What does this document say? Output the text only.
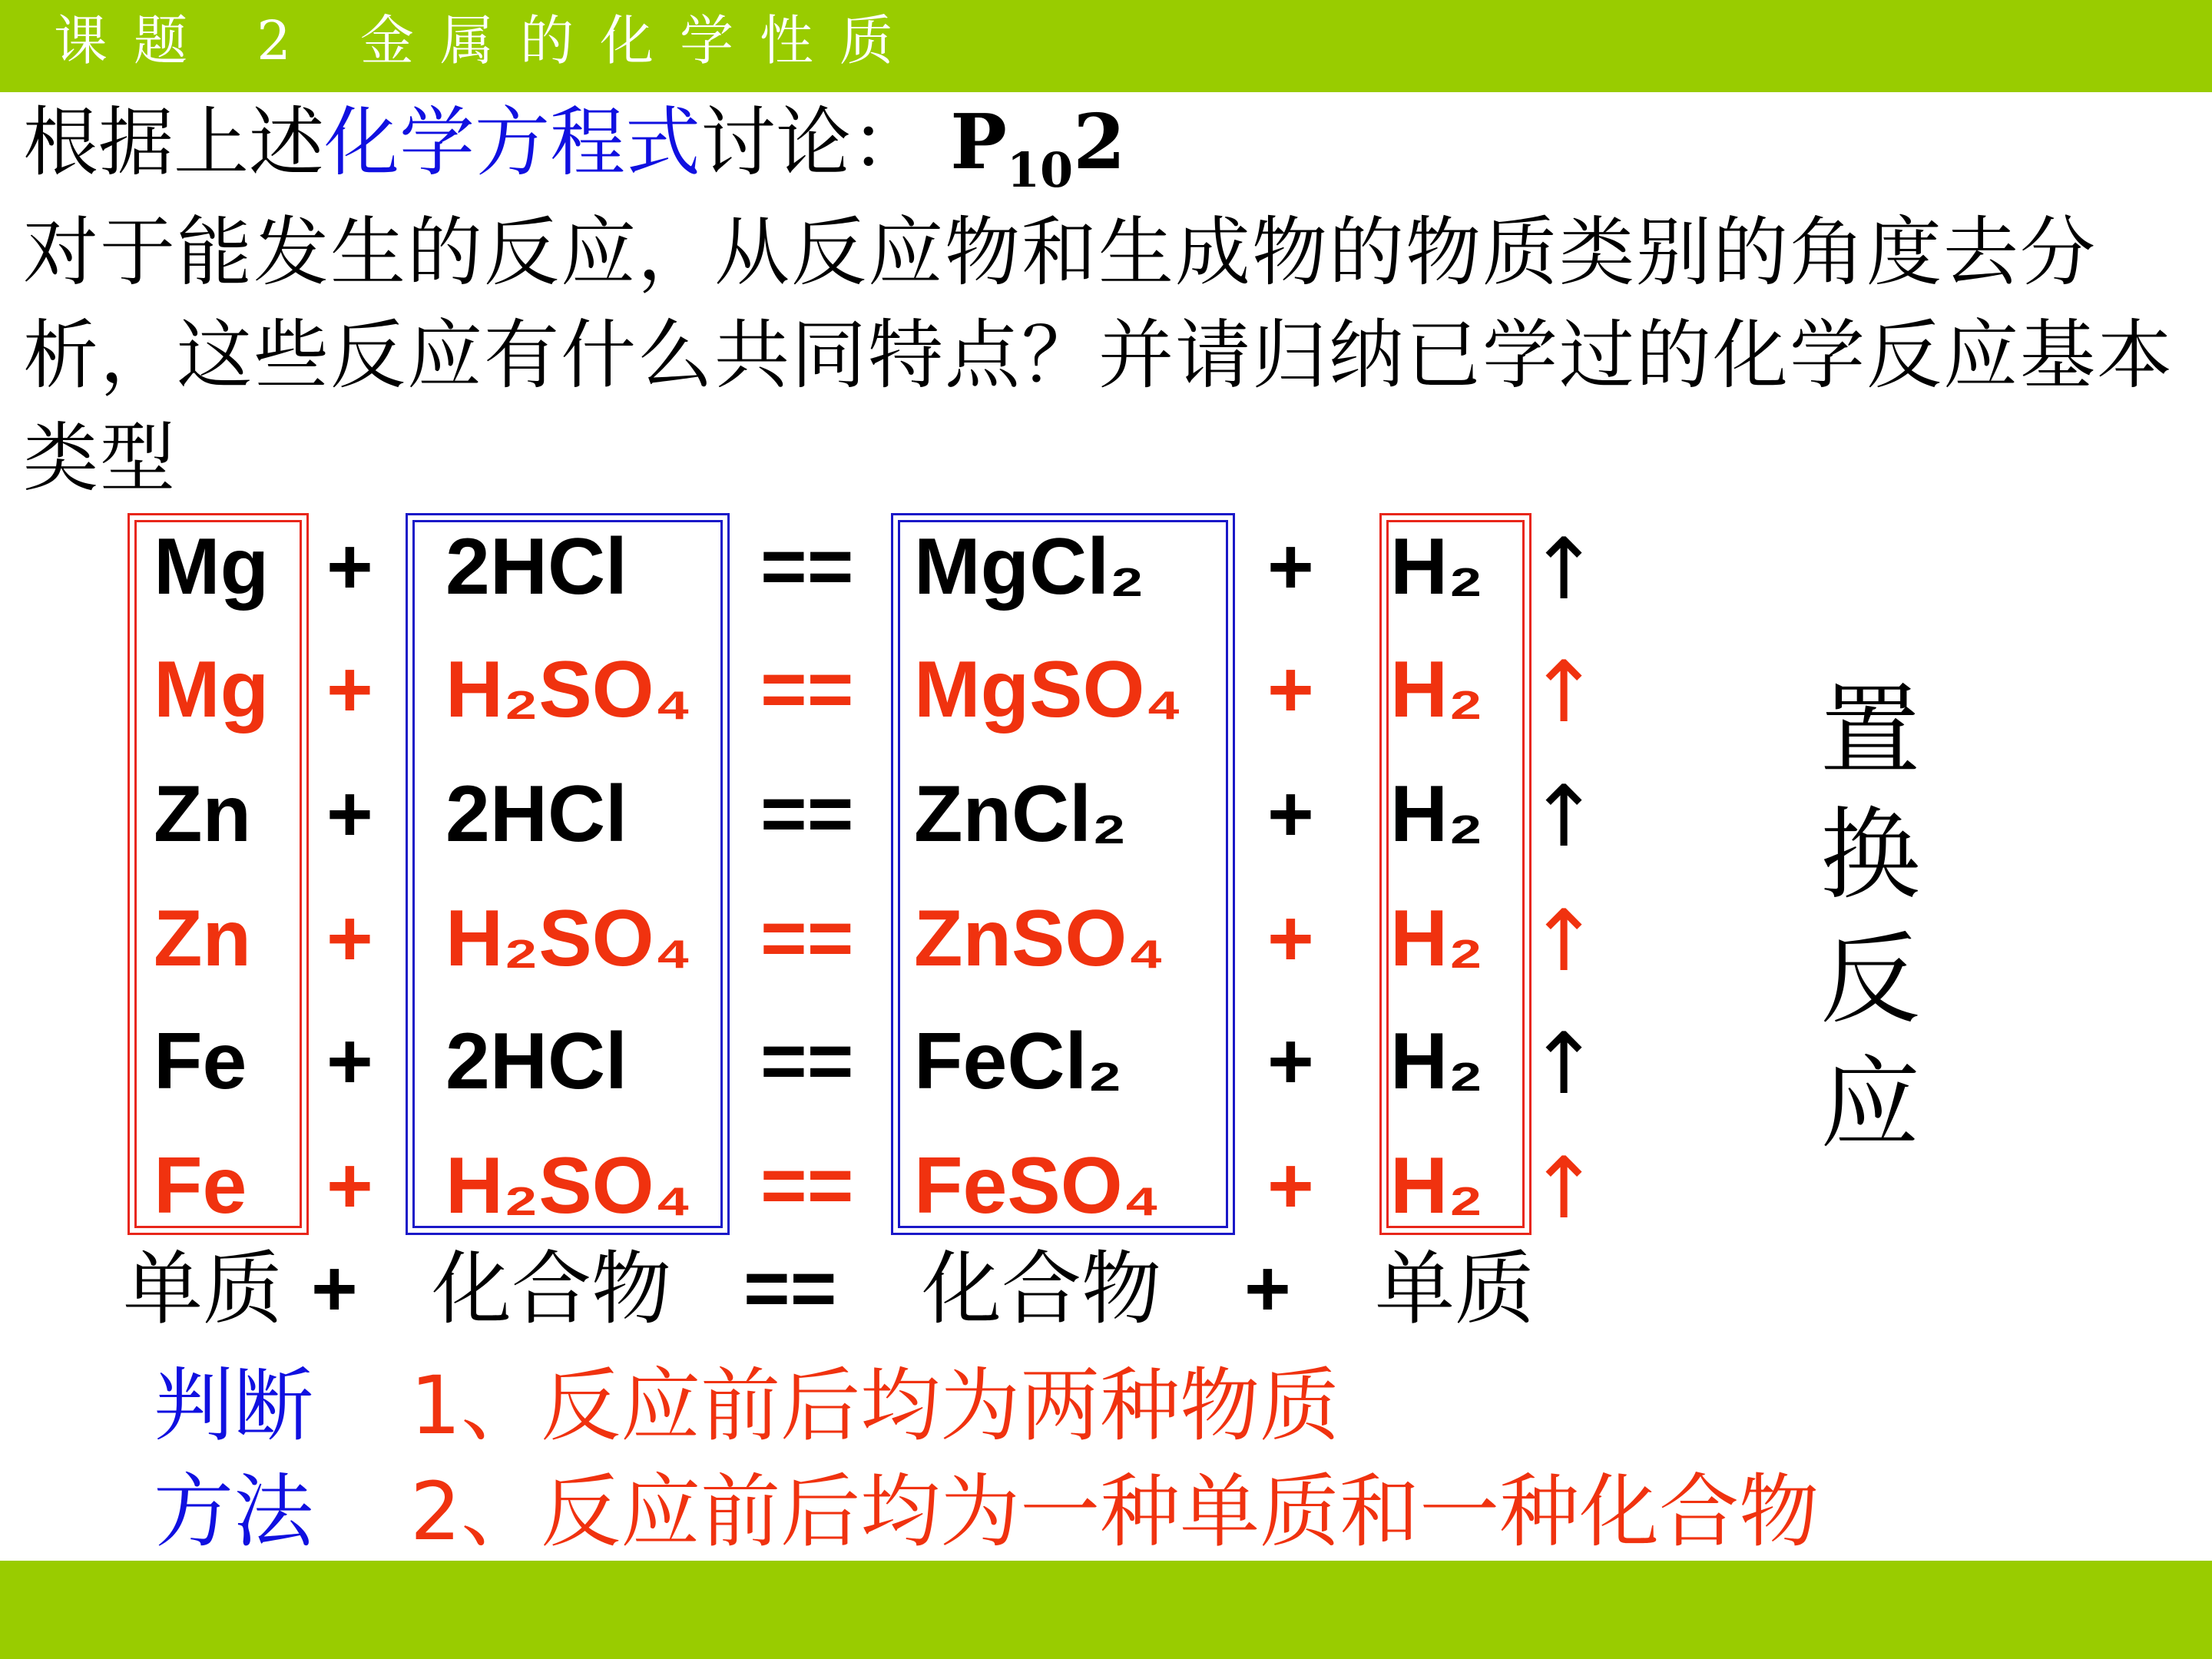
课题 2 金属的化学性质
根据上述化学方程式讨论： $P_{10}2$
对于能发生的反应，从反应物和生成物的物质类别的角度去分析，这些反应有什么共同特点？并请归纳已学过的化学反应基本类型
Mg + 2HCl == MgCl₂ + H₂ ↑
Mg + H₂SO₄ == MgSO₄ + H₂ ↑
Zn + 2HCl == ZnCl₂ + H₂ ↑
Zn + H₂SO₄ == ZnSO₄ + H₂ ↑
Fe + 2HCl == FeCl₂ + H₂ ↑
Fe + H₂SO₄ == FeSO₄ + H₂ ↑
单质 + 化合物 == 化合物 + 单质
置换反应
判断 1、反应前后均为两种物质
方法 2、反应前后均为一种单质和一种化合物
